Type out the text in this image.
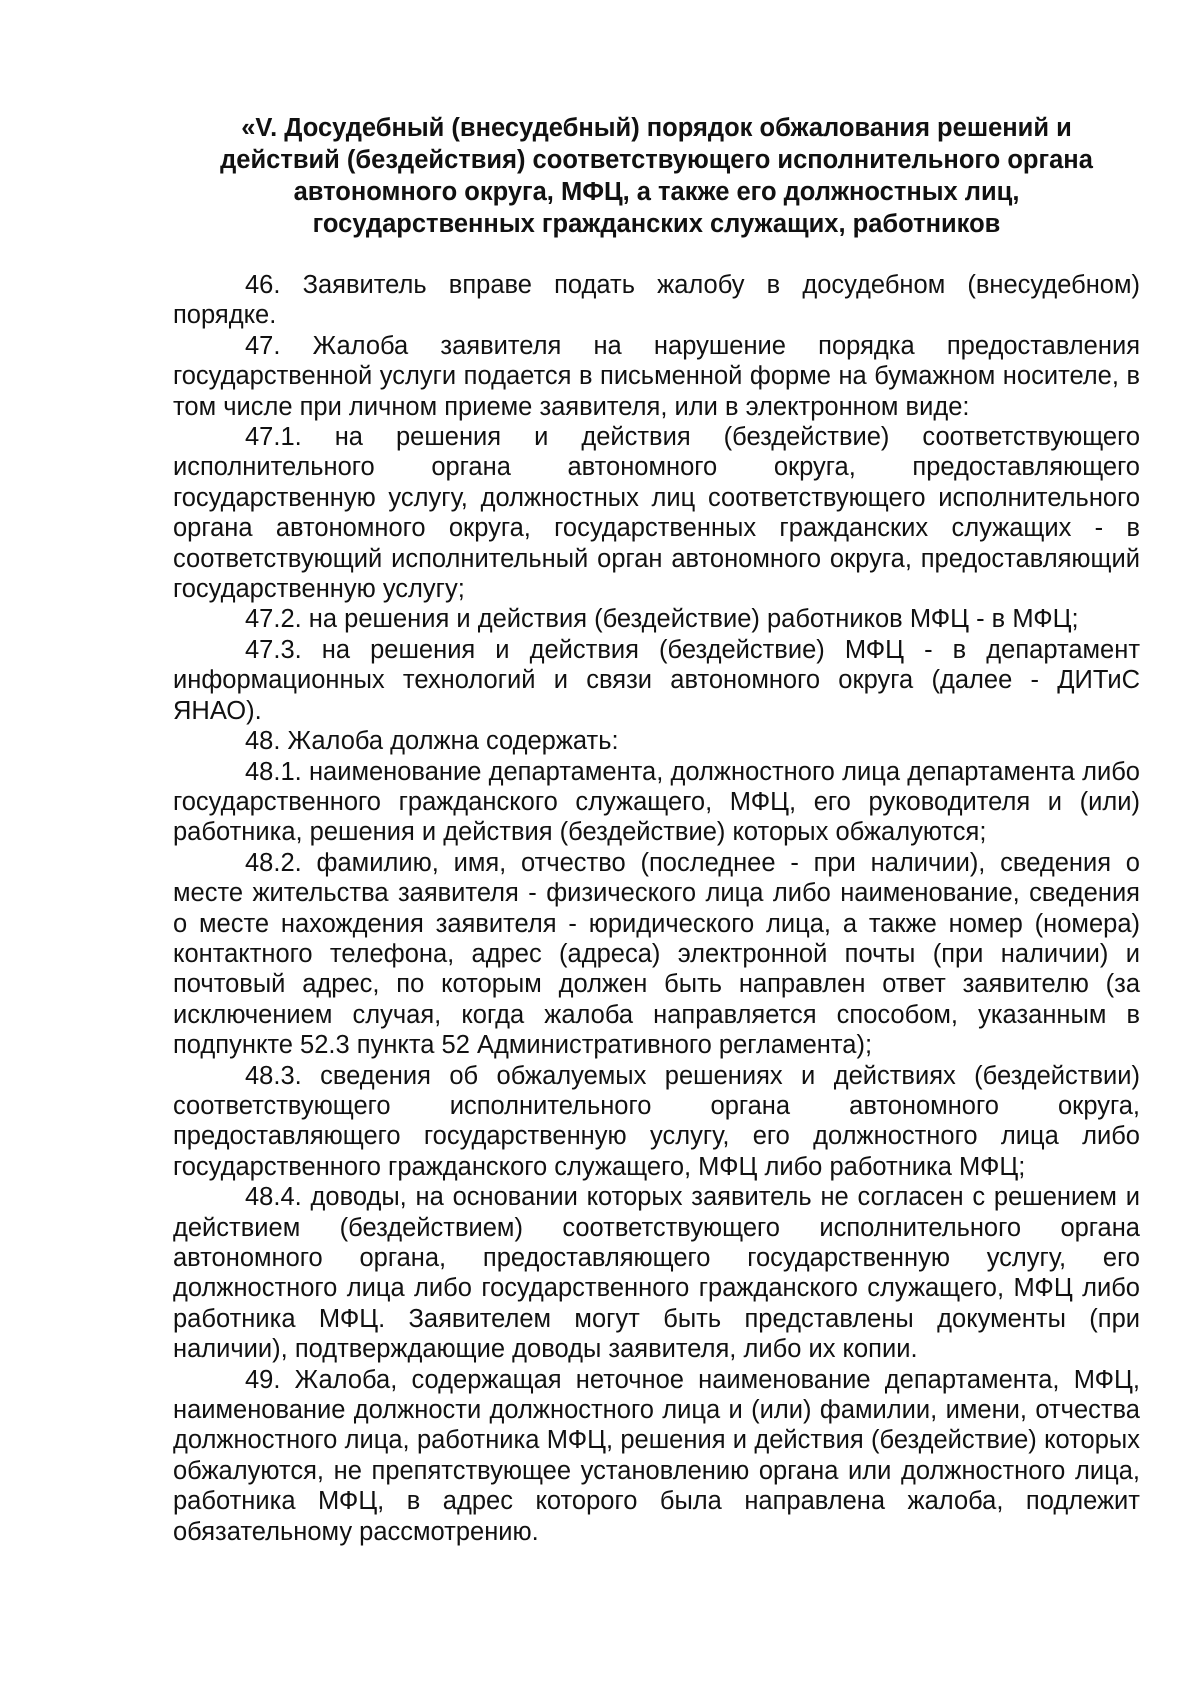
«V. Досудебный (внесудебный) порядок обжалования решений и
действий (бездействия) соответствующего исполнительного органа
автономного округа, МФЦ, а также его должностных лиц,
государственных гражданских служащих, работников

46. Заявитель вправе подать жалобу в досудебном (внесудебном) порядке.

47. Жалоба заявителя на нарушение порядка предоставления государственной услуги подается в письменной форме на бумажном носителе, в том числе при личном приеме заявителя, или в электронном виде:

47.1. на решения и действия (бездействие) соответствующего исполнительного органа автономного округа, предоставляющего государственную услугу, должностных лиц соответствующего исполнительного органа автономного округа, государственных гражданских служащих - в соответствующий исполнительный орган автономного округа, предоставляющий государственную услугу;

47.2. на решения и действия (бездействие) работников МФЦ - в МФЦ;

47.3. на решения и действия (бездействие) МФЦ - в департамент информационных технологий и связи автономного округа (далее - ДИТиС ЯНАО).

48. Жалоба должна содержать:

48.1. наименование департамента, должностного лица департамента либо государственного гражданского служащего, МФЦ, его руководителя и (или) работника, решения и действия (бездействие) которых обжалуются;

48.2. фамилию, имя, отчество (последнее - при наличии), сведения о месте жительства заявителя - физического лица либо наименование, сведения о месте нахождения заявителя - юридического лица, а также номер (номера) контактного телефона, адрес (адреса) электронной почты (при наличии) и почтовый адрес, по которым должен быть направлен ответ заявителю (за исключением случая, когда жалоба направляется способом, указанным в подпункте 52.3 пункта 52 Административного регламента);

48.3. сведения об обжалуемых решениях и действиях (бездействии) соответствующего исполнительного органа автономного округа, предоставляющего государственную услугу, его должностного лица либо государственного гражданского служащего, МФЦ либо работника МФЦ;

48.4. доводы, на основании которых заявитель не согласен с решением и действием (бездействием) соответствующего исполнительного органа автономного органа, предоставляющего государственную услугу, его должностного лица либо государственного гражданского служащего, МФЦ либо работника МФЦ. Заявителем могут быть представлены документы (при наличии), подтверждающие доводы заявителя, либо их копии.

49. Жалоба, содержащая неточное наименование департамента, МФЦ, наименование должности должностного лица и (или) фамилии, имени, отчества должностного лица, работника МФЦ, решения и действия (бездействие) которых обжалуются, не препятствующее установлению органа или должностного лица, работника МФЦ, в адрес которого была направлена жалоба, подлежит обязательному рассмотрению.
